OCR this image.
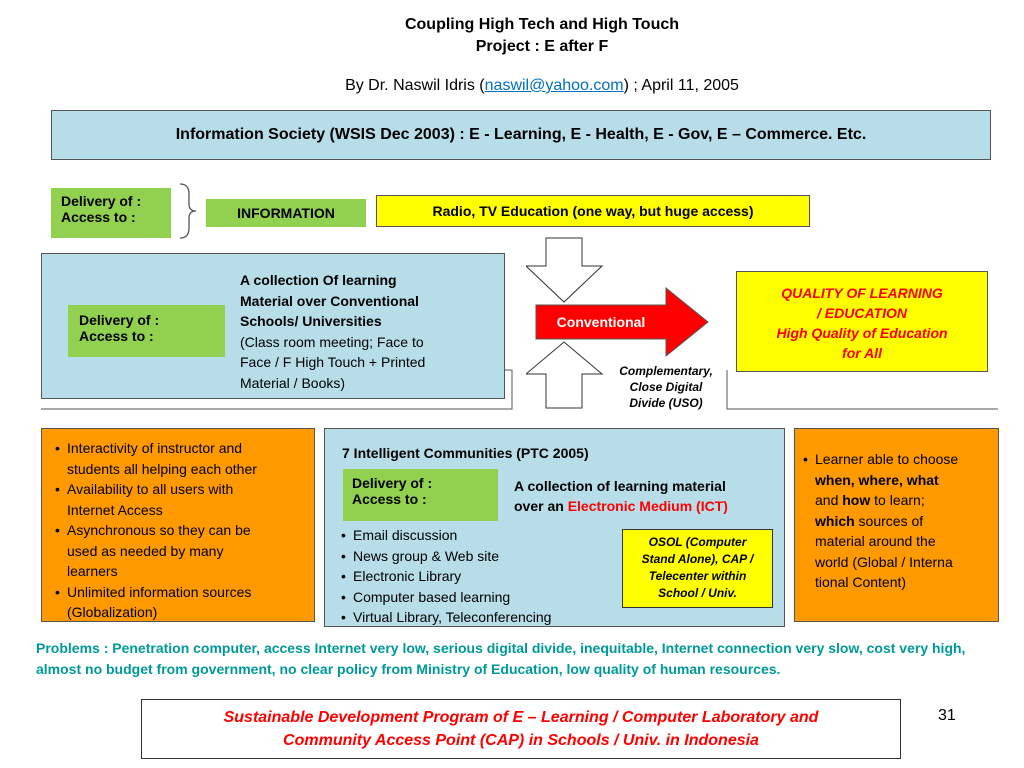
Coupling High Tech and High Touch
Project : E after F
By Dr. Naswil Idris (naswil@yahoo.com) ; April 11, 2005
Information Society (WSIS Dec 2003) : E - Learning, E - Health, E - Gov, E – Commerce. Etc.
Delivery of :
Access to :	INFORMATION	Radio, TV Education (one way, but huge access)
Delivery of :
Access to :
A collection Of learning
Material over Conventional
Schools/ Universities
(Class room meeting; Face to
Face / F High Touch + Printed
Material / Books)
Conventional
Complementary,
Close Digital
Divide (USO)
QUALITY OF LEARNING
/ EDUCATION
High Quality of Education
for All
• Interactivity of instructor and
students all helping each other
• Availability to all users with
Internet Access
• Asynchronous so they can be
used as needed by many
learners
• Unlimited information sources
(Globalization)
7 Intelligent Communities (PTC 2005)
Delivery of :
Access to :
A collection of learning material
over an Electronic Medium (ICT)
• Email discussion
• News group & Web site
• Electronic Library
• Computer based learning
• Virtual Library, Teleconferencing
OSOL (Computer
Stand Alone), CAP /
Telecenter within
School / Univ.
• Learner able to choose
when, where, what
and how to learn;
which sources of
material around the
world (Global / Interna
tional Content)
Problems : Penetration computer, access Internet very low, serious digital divide, inequitable, Internet connection very slow, cost very high, almost no budget from government, no clear policy from Ministry of Education, low quality of human resources.
Sustainable Development Program of E – Learning / Computer Laboratory and
Community Access Point (CAP) in Schools / Univ. in Indonesia
31
